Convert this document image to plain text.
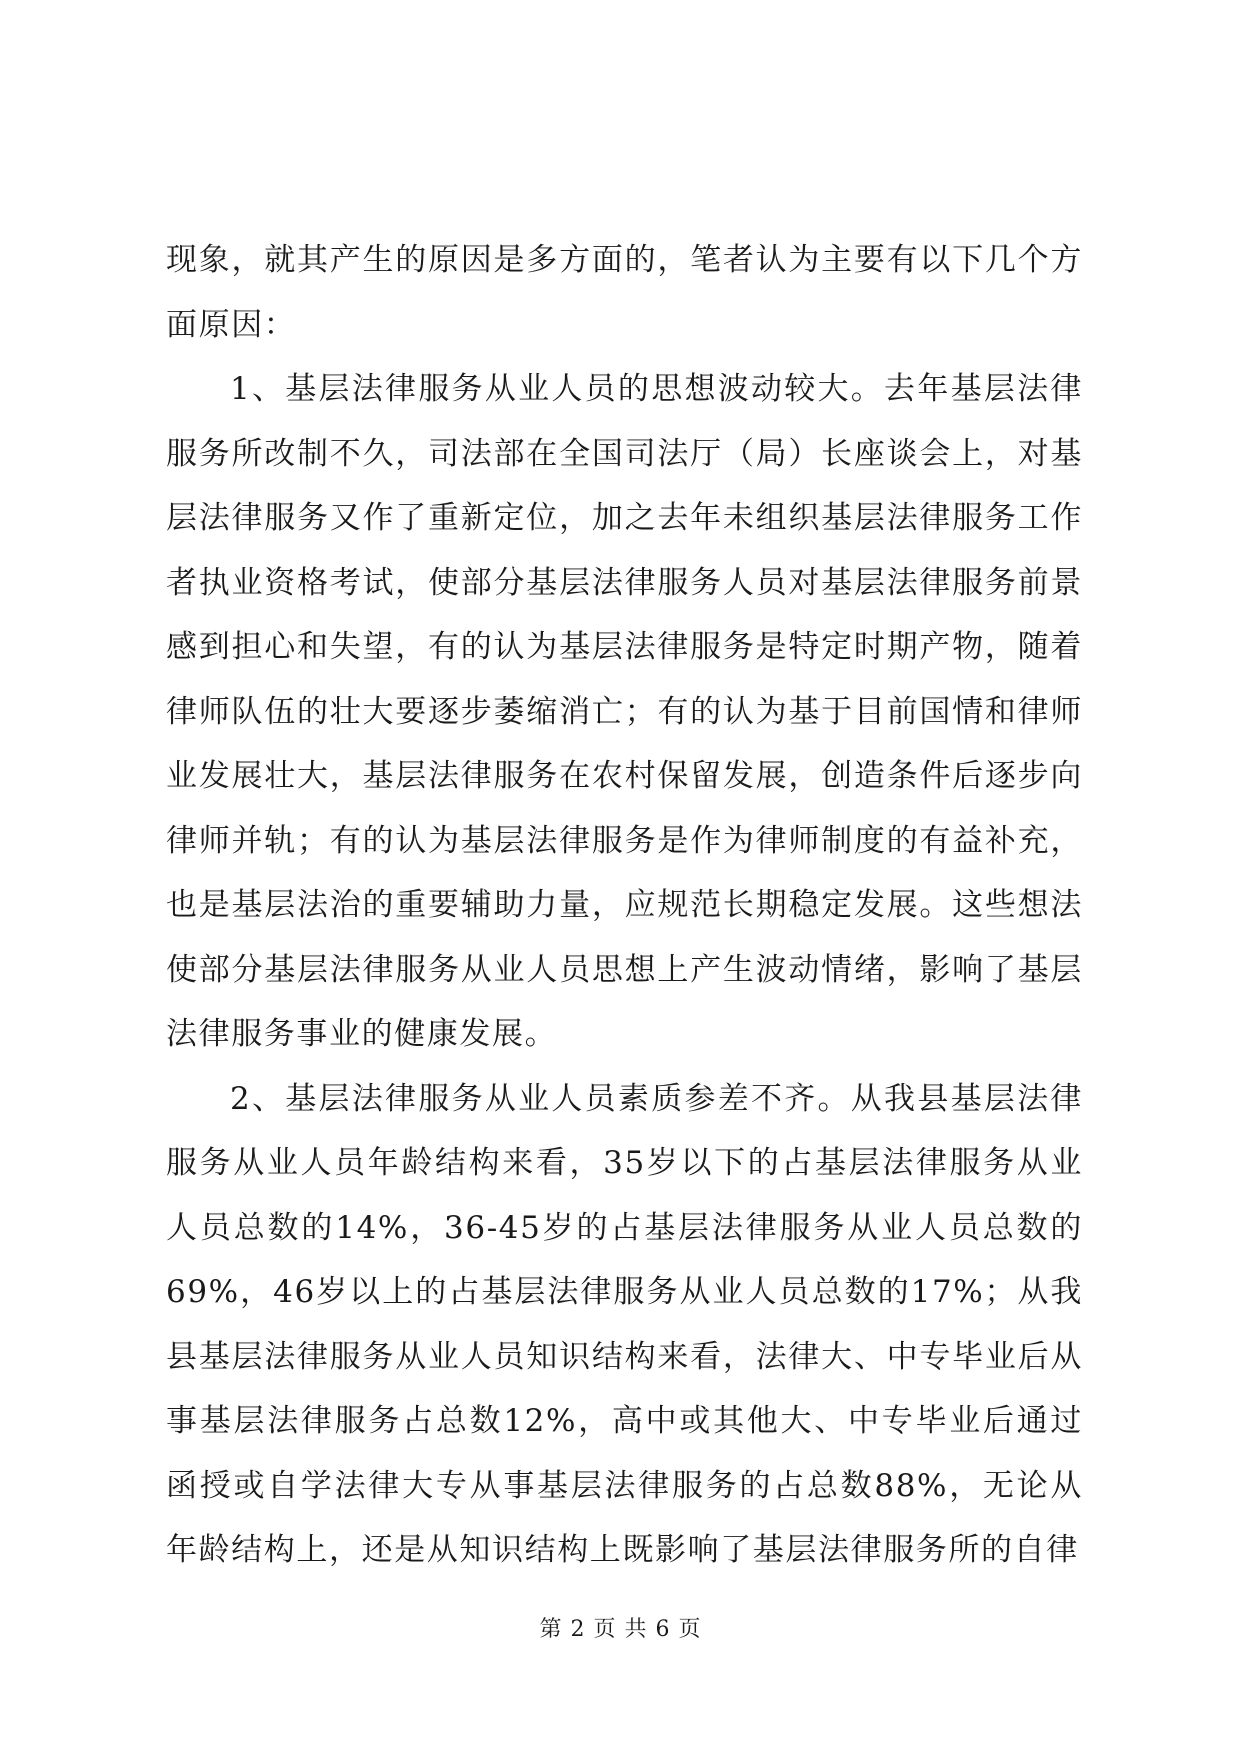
现象，就其产生的原因是多方面的，笔者认为主要有以下几个方面原因：

1、基层法律服务从业人员的思想波动较大。去年基层法律服务所改制不久，司法部在全国司法厅（局）长座谈会上，对基层法律服务又作了重新定位，加之去年未组织基层法律服务工作者执业资格考试，使部分基层法律服务人员对基层法律服务前景感到担心和失望，有的认为基层法律服务是特定时期产物，随着律师队伍的壮大要逐步萎缩消亡；有的认为基于目前国情和律师业发展壮大，基层法律服务在农村保留发展，创造条件后逐步向律师并轨；有的认为基层法律服务是作为律师制度的有益补充，也是基层法治的重要辅助力量，应规范长期稳定发展。这些想法使部分基层法律服务从业人员思想上产生波动情绪，影响了基层法律服务事业的健康发展。

2、基层法律服务从业人员素质参差不齐。从我县基层法律服务从业人员年龄结构来看，35岁以下的占基层法律服务从业人员总数的14%，36-45岁的占基层法律服务从业人员总数的69%，46岁以上的占基层法律服务从业人员总数的17%；从我县基层法律服务从业人员知识结构来看，法律大、中专毕业后从事基层法律服务占总数12%，高中或其他大、中专毕业后通过函授或自学法律大专从事基层法律服务的占总数88%，无论从年龄结构上，还是从知识结构上既影响了基层法律服务所的自律

第 2 页 共 6 页
